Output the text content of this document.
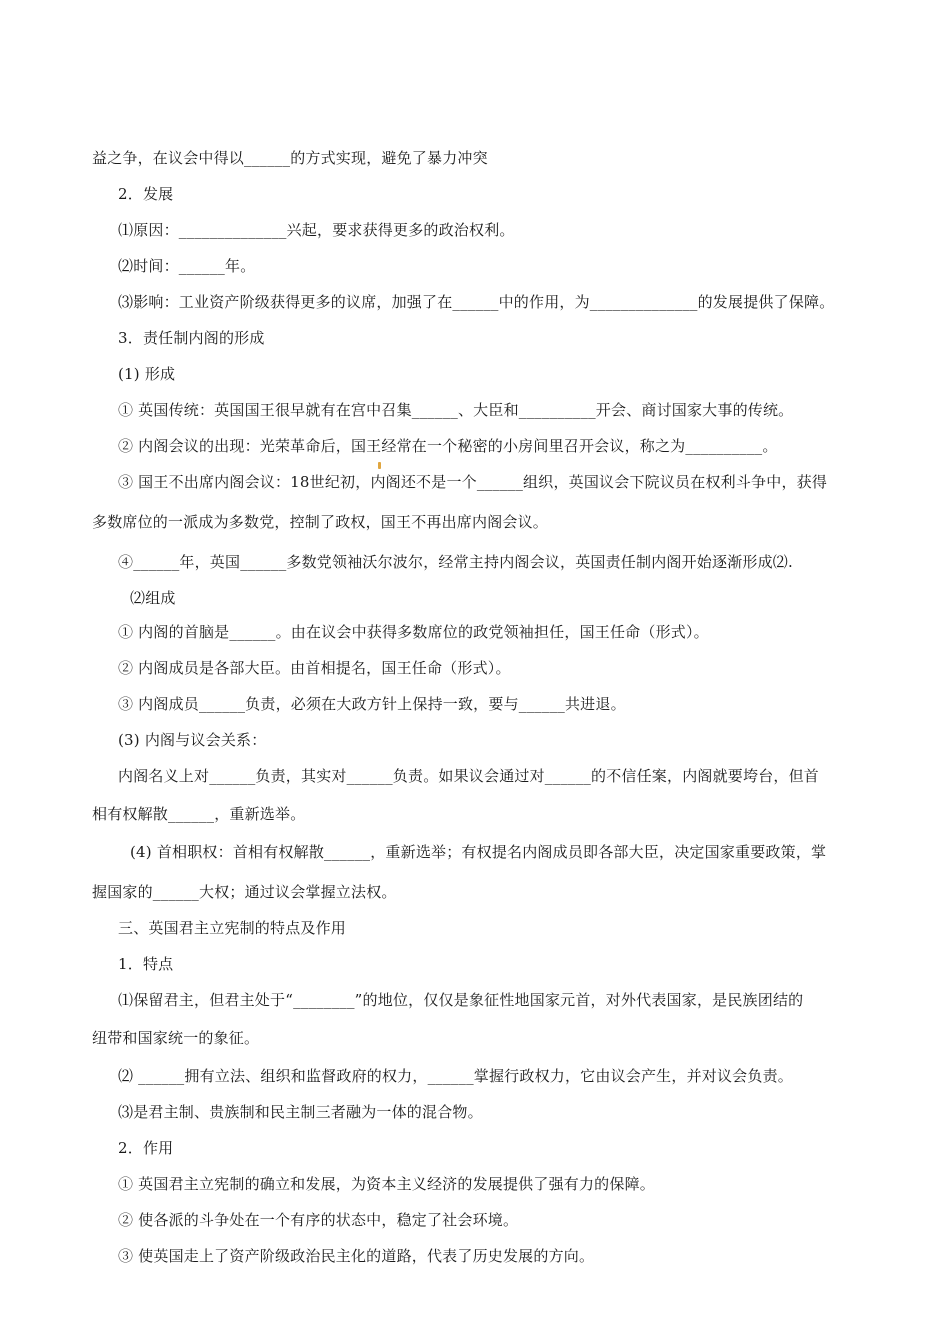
益之争，在议会中得以______的方式实现，避免了暴力冲突
2．发展
⑴原因：______________兴起，要求获得更多的政治权利。
⑵时间：______年。
⑶影响：工业资产阶级获得更多的议席，加强了在______中的作用，为______________的发展提供了保障。
3．责任制内阁的形成
(1) 形成
① 英国传统：英国国王很早就有在宫中召集______、大臣和__________开会、商讨国家大事的传统。
② 内阁会议的出现：光荣革命后，国王经常在一个秘密的小房间里召开会议，称之为__________。
③ 国王不出席内阁会议：18世纪初，内阁还不是一个______组织，英国议会下院议员在权利斗争中，获得
多数席位的一派成为多数党，控制了政权，国王不再出席内阁会议。
④______年，英国______多数党领袖沃尔波尔，经常主持内阁会议，英国责任制内阁开始逐渐形成⑵.
⑵组成
① 内阁的首脑是______。由在议会中获得多数席位的政党领袖担任，国王任命（形式）。
② 内阁成员是各部大臣。由首相提名，国王任命（形式）。
③ 内阁成员______负责，必须在大政方针上保持一致，要与______共进退。
(3) 内阁与议会关系：
内阁名义上对______负责，其实对______负责。如果议会通过对______的不信任案，内阁就要垮台，但首
相有权解散______，重新选举。
(4) 首相职权：首相有权解散______，重新选举；有权提名内阁成员即各部大臣，决定国家重要政策，掌
握国家的______大权；通过议会掌握立法权。
三、英国君主立宪制的特点及作用
1．特点
⑴保留君主，但君主处于“________”的地位，仅仅是象征性地国家元首，对外代表国家，是民族团结的
纽带和国家统一的象征。
⑵ ______拥有立法、组织和监督政府的权力，______掌握行政权力，它由议会产生，并对议会负责。
⑶是君主制、贵族制和民主制三者融为一体的混合物。
2．作用
① 英国君主立宪制的确立和发展，为资本主义经济的发展提供了强有力的保障。
② 使各派的斗争处在一个有序的状态中，稳定了社会环境。
③ 使英国走上了资产阶级政治民主化的道路，代表了历史发展的方向。
